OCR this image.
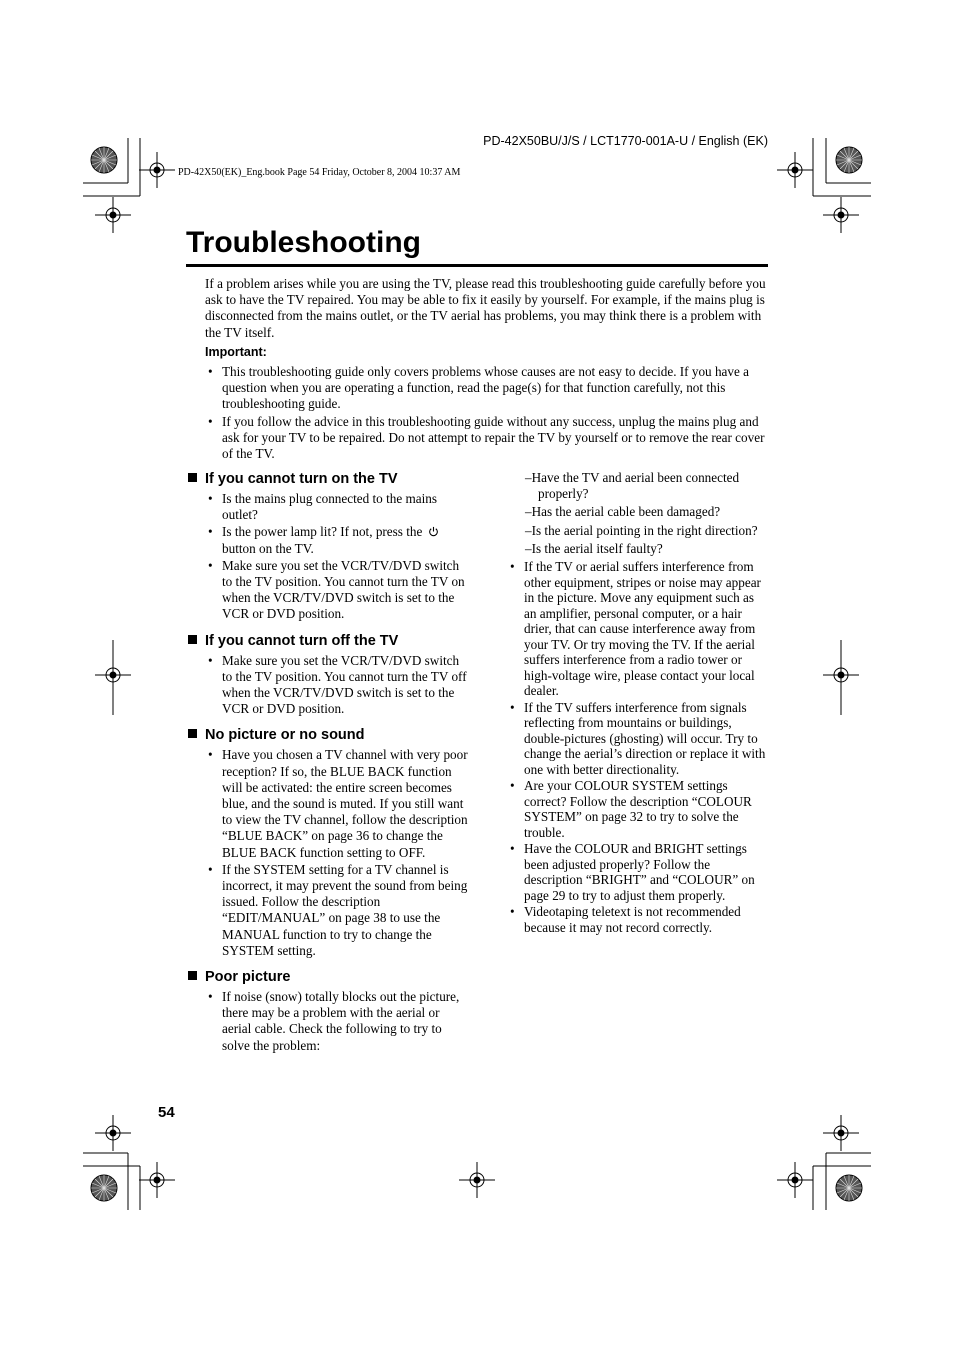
PD-42X50BU/J/S / LCT1770-001A-U / English (EK)
PD-42X50(EK)_Eng.book Page 54 Friday, October 8, 2004 10:37 AM
Troubleshooting

If a problem arises while you are using the TV, please read this troubleshooting guide carefully before you ask to have the TV repaired. You may be able to fix it easily by yourself. For example, if the mains plug is disconnected from the mains outlet, or the TV aerial has problems, you may think there is a problem with the TV itself.

Important:
• This troubleshooting guide only covers problems whose causes are not easy to decide. If you have a question when you are operating a function, read the page(s) for that function carefully, not this troubleshooting guide.
• If you follow the advice in this troubleshooting guide without any success, unplug the mains plug and ask for your TV to be repaired. Do not attempt to repair the TV by yourself or to remove the rear cover of the TV.
If you cannot turn on the TV
• Is the mains plug connected to the mains outlet?
• Is the power lamp lit? If not, press the  button on the TV.
• Make sure you set the VCR/TV/DVD switch to the TV position. You cannot turn the TV on when the VCR/TV/DVD switch is set to the VCR or DVD position.
If you cannot turn off the TV
• Make sure you set the VCR/TV/DVD switch to the TV position. You cannot turn the TV off when the VCR/TV/DVD switch is set to the VCR or DVD position.
No picture or no sound
• Have you chosen a TV channel with very poor reception? If so, the BLUE BACK function will be activated: the entire screen becomes blue, and the sound is muted. If you still want to view the TV channel, follow the description “BLUE BACK” on page 36 to change the BLUE BACK function setting to OFF.
• If the SYSTEM setting for a TV channel is incorrect, it may prevent the sound from being issued. Follow the description “EDIT/MANUAL” on page 38 to use the MANUAL function to try to change the SYSTEM setting.
Poor picture
• If noise (snow) totally blocks out the picture, there may be a problem with the aerial or aerial cable. Check the following to try to solve the problem:
–Have the TV and aerial been connected properly?
–Has the aerial cable been damaged?
–Is the aerial pointing in the right direction?
–Is the aerial itself faulty?
• If the TV or aerial suffers interference from other equipment, stripes or noise may appear in the picture. Move any equipment such as an amplifier, personal computer, or a hair drier, that can cause interference away from your TV. Or try moving the TV. If the aerial suffers interference from a radio tower or high-voltage wire, please contact your local dealer.
• If the TV suffers interference from signals reflecting from mountains or buildings, double-pictures (ghosting) will occur. Try to change the aerial’s direction or replace it with one with better directionality.
• Are your COLOUR SYSTEM settings correct? Follow the description “COLOUR SYSTEM” on page 32 to try to solve the trouble.
• Have the COLOUR and BRIGHT settings been adjusted properly? Follow the description “BRIGHT” and “COLOUR” on page 29 to try to adjust them properly.
• Videotaping teletext is not recommended because it may not record correctly.
54
